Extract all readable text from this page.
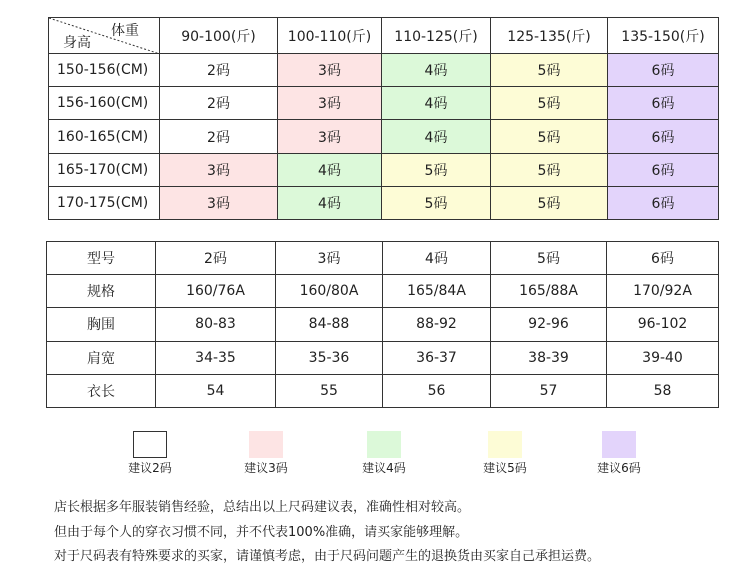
体重
身高	90-100(斤)	100-110(斤)	110-125(斤)	125-135(斤)	135-150(斤)
150-156(CM)	2码	3码	4码	5码	6码
156-160(CM)	2码	3码	4码	5码	6码
160-165(CM)	2码	3码	4码	5码	6码
165-170(CM)	3码	4码	5码	5码	6码
170-175(CM)	3码	4码	5码	5码	6码
型号	2码	3码	4码	5码	6码
规格	160/76A	160/80A	165/84A	165/88A	170/92A
胸围	80-83	84-88	88-92	92-96	96-102
肩宽	34-35	35-36	36-37	38-39	39-40
衣长	54	55	56	57	58
建议2码	建议3码	建议4码	建议5码	建议6码
店长根据多年服装销售经验，总结出以上尺码建议表，准确性相对较高。
但由于每个人的穿衣习惯不同，并不代表100%准确，请买家能够理解。
对于尺码表有特殊要求的买家，请谨慎考虑，由于尺码问题产生的退换货由买家自己承担运费。
